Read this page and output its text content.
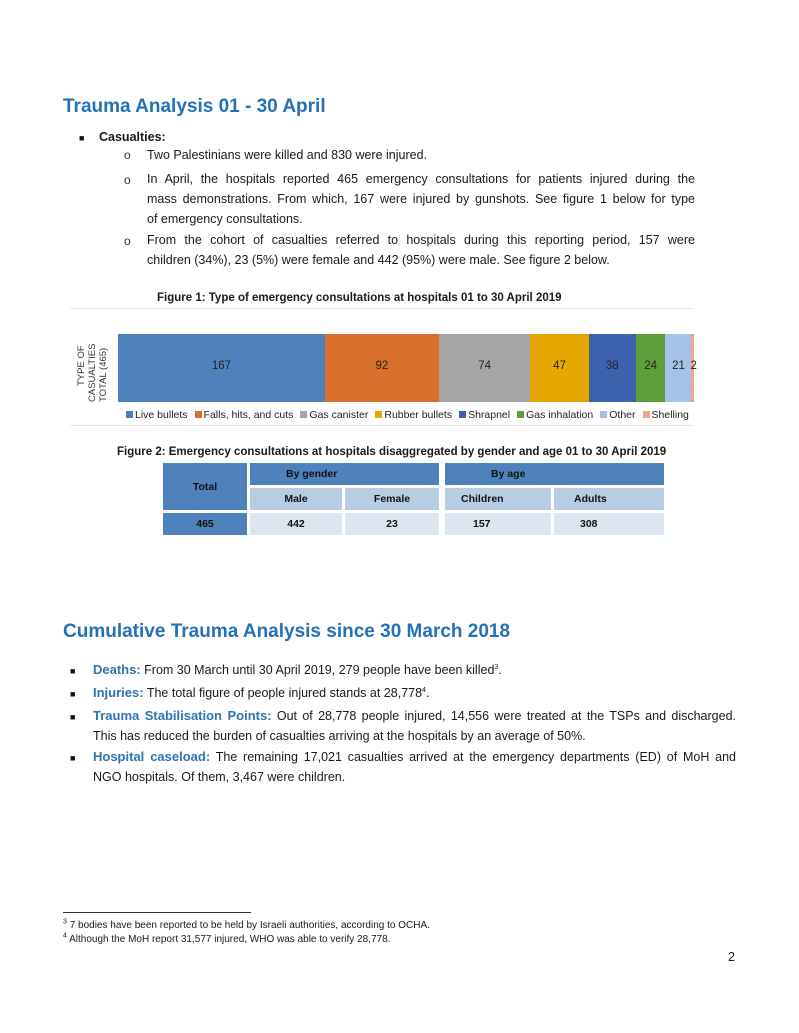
Trauma Analysis 01 - 30 April
■ Casualties:
o Two Palestinians were killed and 830 were injured.
o In April, the hospitals reported 465 emergency consultations for patients injured during the
mass demonstrations. From which, 167 were injured by gunshots. See figure 1 below for type
of emergency consultations.
o From the cohort of casualties referred to hospitals during this reporting period, 157 were
children (34%), 23 (5%) were female and 442 (95%) were male. See figure 2 below.
Figure 1: Type of emergency consultations at hospitals 01 to 30 April 2019
TYPE OF CASUALTIES TOTAL (465)	167	92	74	47	38	24	21 2
Live bullets Falls, hits, and cuts Gas canister Rubber bullets Shrapnel Gas inhalation Other Shelling
Figure 2: Emergency consultations at hospitals disaggregated by gender and age 01 to 30 April 2019
Total	By gender			By age	
	Male	Female		Children	Adults
465	442	23		157	308
Cumulative Trauma Analysis since 30 March 2018
■ Deaths: From 30 March until 30 April 2019, 279 people have been killed$^3$.
■ Injuries: The total figure of people injured stands at 28,778$^4$.
■ Trauma Stabilisation Points: Out of 28,778 people injured, 14,556 were treated at the TSPs and discharged.
This has reduced the burden of casualties arriving at the hospitals by an average of 50%.
■ Hospital caseload: The remaining 17,021 casualties arrived at the emergency departments (ED) of MoH and
NGO hospitals. Of them, 3,467 were children.
$^3$ 7 bodies have been reported to be held by Israeli authorities, according to OCHA.
$^4$ Although the MoH report 31,577 injured, WHO was able to verify 28,778.
2
